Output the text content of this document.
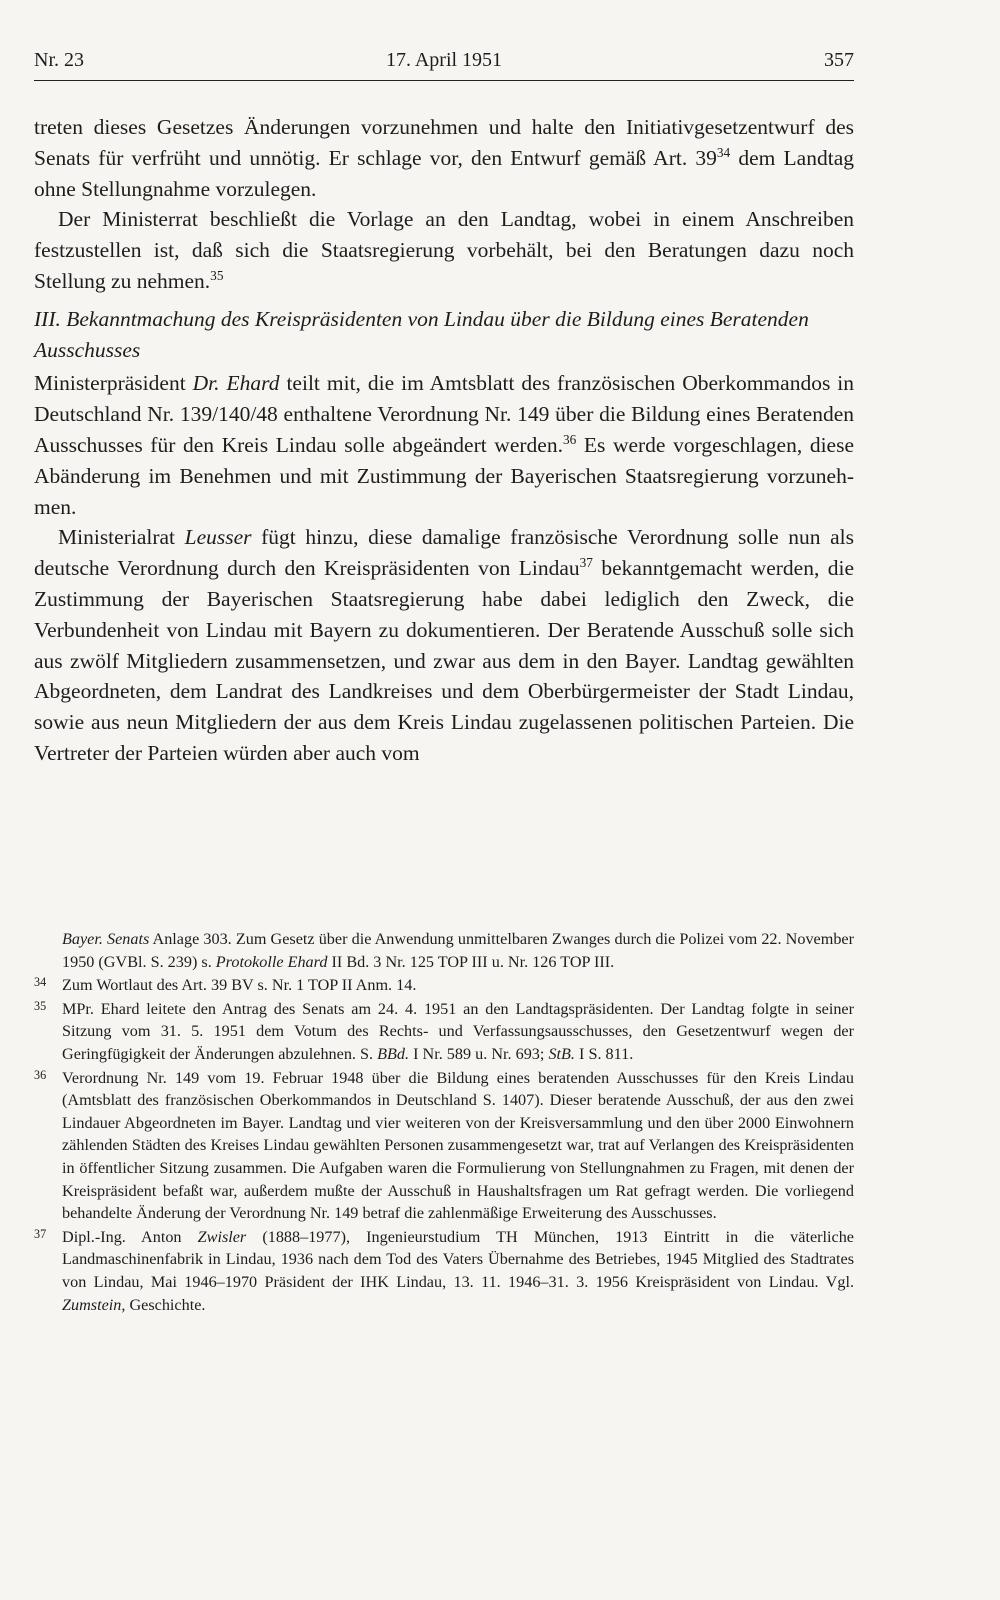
Nr. 23	17. April 1951	357

treten dieses Gesetzes Änderungen vorzunehmen und halte den Initiativgesetzentwurf des Senats für verfrüht und unnötig. Er schlage vor, den Entwurf gemäß Art. $39^{34}$ dem Landtag ohne Stellungnahme vorzulegen.

Der Ministerrat beschließt die Vorlage an den Landtag, wobei in einem Anschreiben festzustellen ist, daß sich die Staatsregierung vorbehält, bei den Beratungen dazu noch Stellung zu nehmen.$^{35}$

III. Bekanntmachung des Kreispräsidenten von Lindau über die Bildung eines Beratenden Ausschusses

Ministerpräsident Dr. Ehard teilt mit, die im Amtsblatt des französischen Oberkommandos in Deutschland Nr. 139/140/48 enthaltene Verordnung Nr. 149 über die Bildung eines Beratenden Ausschusses für den Kreis Lindau solle abgeändert werden.$^{36}$ Es werde vorgeschlagen, diese Abänderung im Benehmen und mit Zustimmung der Bayerischen Staatsregierung vorzunehmen.

Ministerialrat Leusser fügt hinzu, diese damalige französische Verordnung solle nun als deutsche Verordnung durch den Kreispräsidenten von Lindau$^{37}$ bekanntgemacht werden, die Zustimmung der Bayerischen Staatsregierung habe dabei lediglich den Zweck, die Verbundenheit von Lindau mit Bayern zu dokumentieren. Der Beratende Ausschuß solle sich aus zwölf Mitgliedern zusammensetzen, und zwar aus dem in den Bayer. Landtag gewählten Abgeordneten, dem Landrat des Landkreises und dem Oberbürgermeister der Stadt Lindau, sowie aus neun Mitgliedern der aus dem Kreis Lindau zugelassenen politischen Parteien. Die Vertreter der Parteien würden aber auch vom

Bayer. Senats Anlage 303. Zum Gesetz über die Anwendung unmittelbaren Zwanges durch die Polizei vom 22. November 1950 (GVBl. S. 239) s. Protokolle Ehard II Bd. 3 Nr. 125 TOP III u. Nr. 126 TOP III.
$^{34}$ Zum Wortlaut des Art. 39 BV s. Nr. 1 TOP II Anm. 14.
$^{35}$ MPr. Ehard leitete den Antrag des Senats am 24. 4. 1951 an den Landtagspräsidenten. Der Landtag folgte in seiner Sitzung vom 31. 5. 1951 dem Votum des Rechts- und Verfassungsausschusses, den Gesetzentwurf wegen der Geringfügigkeit der Änderungen abzulehnen. S. BBd. I Nr. 589 u. Nr. 693; StB. I S. 811.
$^{36}$ Verordnung Nr. 149 vom 19. Februar 1948 über die Bildung eines beratenden Ausschusses für den Kreis Lindau (Amtsblatt des französischen Oberkommandos in Deutschland S. 1407). Dieser beratende Ausschuß, der aus den zwei Lindauer Abgeordneten im Bayer. Landtag und vier weiteren von der Kreisversammlung und den über 2000 Einwohnern zählenden Städten des Kreises Lindau gewählten Personen zusammengesetzt war, trat auf Verlangen des Kreispräsidenten in öffentlicher Sitzung zusammen. Die Aufgaben waren die Formulierung von Stellungnahmen zu Fragen, mit denen der Kreispräsident befaßt war, außerdem mußte der Ausschuß in Haushaltsfragen um Rat gefragt werden. Die vorliegend behandelte Änderung der Verordnung Nr. 149 betraf die zahlenmäßige Erweiterung des Ausschusses.
$^{37}$ Dipl.-Ing. Anton Zwisler (1888–1977), Ingenieurstudium TH München, 1913 Eintritt in die väterliche Landmaschinenfabrik in Lindau, 1936 nach dem Tod des Vaters Übernahme des Betriebes, 1945 Mitglied des Stadtrates von Lindau, Mai 1946–1970 Präsident der IHK Lindau, 13. 11. 1946–31. 3. 1956 Kreispräsident von Lindau. Vgl. Zumstein, Geschichte.
